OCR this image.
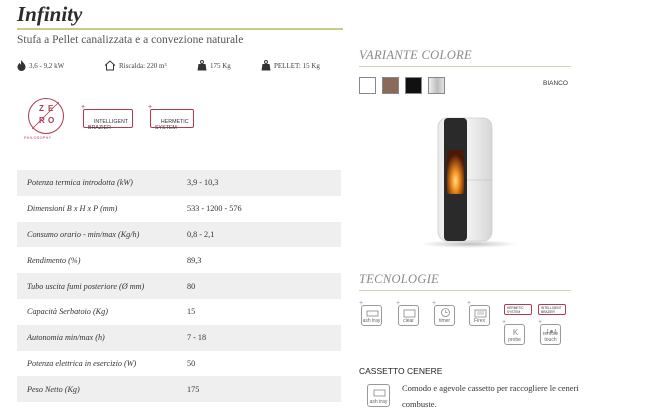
Infinity
Stufa a Pellet canalizzata e a convezione naturale
3,6 - 9,2 kW	Riscalda: 220 m³	175 Kg	PELLET: 15 Kg
Z E
R O
PHILOSOPHY

+
INTELLIGENT
BRAZIER

+
HERMETIC
SYSTEM

Potenza termica introdotta (kW)	3,9 - 10,3
Dimensioni B x H x P (mm)	533 - 1200 - 576
Consumo orario - min/max (Kg/h)	0,8 - 2,1
Rendimento (%)	89,3
Tubo uscita fumi posteriore (Ø mm)	80
Capacità Serbatoio (Kg)	15
Autonomia min/max (h)	7 - 18
Potenza elettrica in esercizio (W)	50
Peso Netto (Kg)	175
VARIANTE COLORE
BIANCO
TECNOLOGIE
+
ash tray
+
clear
+
timer
+
Firex
HERMETIC
SYSTEM
INTELLIGENT
BRAZIER
+
K
probe
+
remote touch
CASSETTO CENERE
ash tray
Comodo e agevole cassetto per raccogliere le ceneri combuste.
